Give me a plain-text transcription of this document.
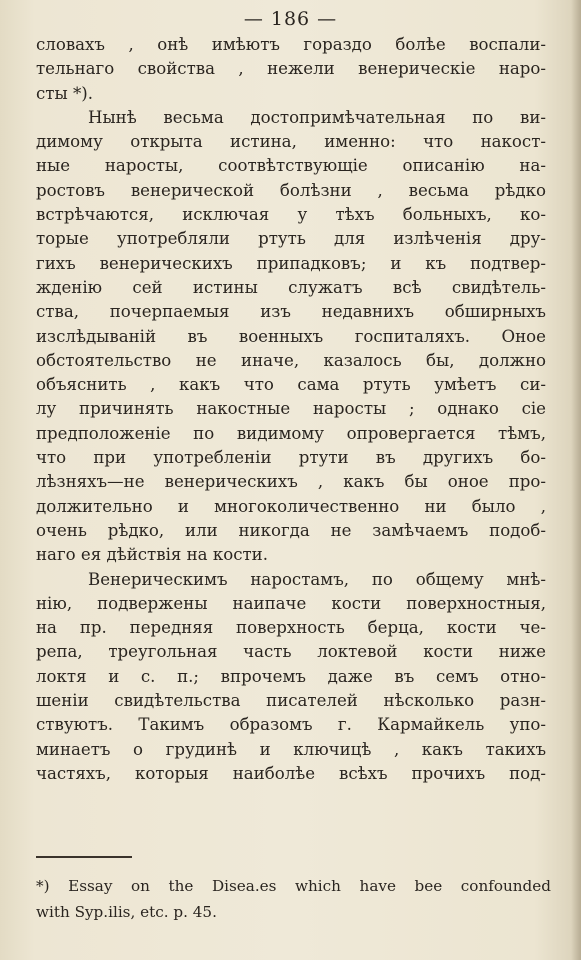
— 186 —
словахъ , онѣ имѣютъ гораздо болѣе воспали-
тельнаго свойства , нежели венерическіе наро-
сты *).
Нынѣ весьма достопримѣчательная по ви-
димому открыта истина, именно: что накост-
ные наросты, соотвѣтствующіе описанію на-
ростовъ венерической болѣзни , весьма рѣдко
встрѣчаются, исключая у тѣхъ больныхъ, ко-
торые употребляли ртуть для излѣченія дру-
гихъ венерическихъ припадковъ; и къ подтвер-
жденію сей истины служатъ всѣ свидѣтель-
ства, почерпаемыя изъ недавнихъ обширныхъ
изслѣдываній въ военныхъ госпиталяхъ. Оное
обстоятельство не иначе, казалось бы, должно
объяснить , какъ что сама ртуть умѣетъ си-
лу причинять накостные наросты ; однако сіе
предположеніе по видимому опровергается тѣмъ,
что при употребленіи ртути въ другихъ бо-
лѣзняхъ—не венерическихъ , какъ бы оное про-
должительно и многоколичественно ни было ,
очень рѣдко, или никогда не замѣчаемъ подоб-
наго ея дѣйствія на кости.
Венерическимъ наростамъ, по общему мнѣ-
нію, подвержены наипаче кости поверхностныя,
на пр. передняя поверхность берца, кости че-
репа, треугольная часть локтевой кости ниже
локтя и с. п.; впрочемъ даже въ семъ отно-
шеніи свидѣтельства писателей нѣсколько разн-
ствуютъ. Такимъ образомъ г. Кармайкель упо-
минаетъ о грудинѣ и ключицѣ , какъ такихъ
частяхъ, которыя наиболѣе всѣхъ прочихъ под-
*) Essay on the Disea.es which have bee confounded
with Syp.ilis, etc. p. 45.
